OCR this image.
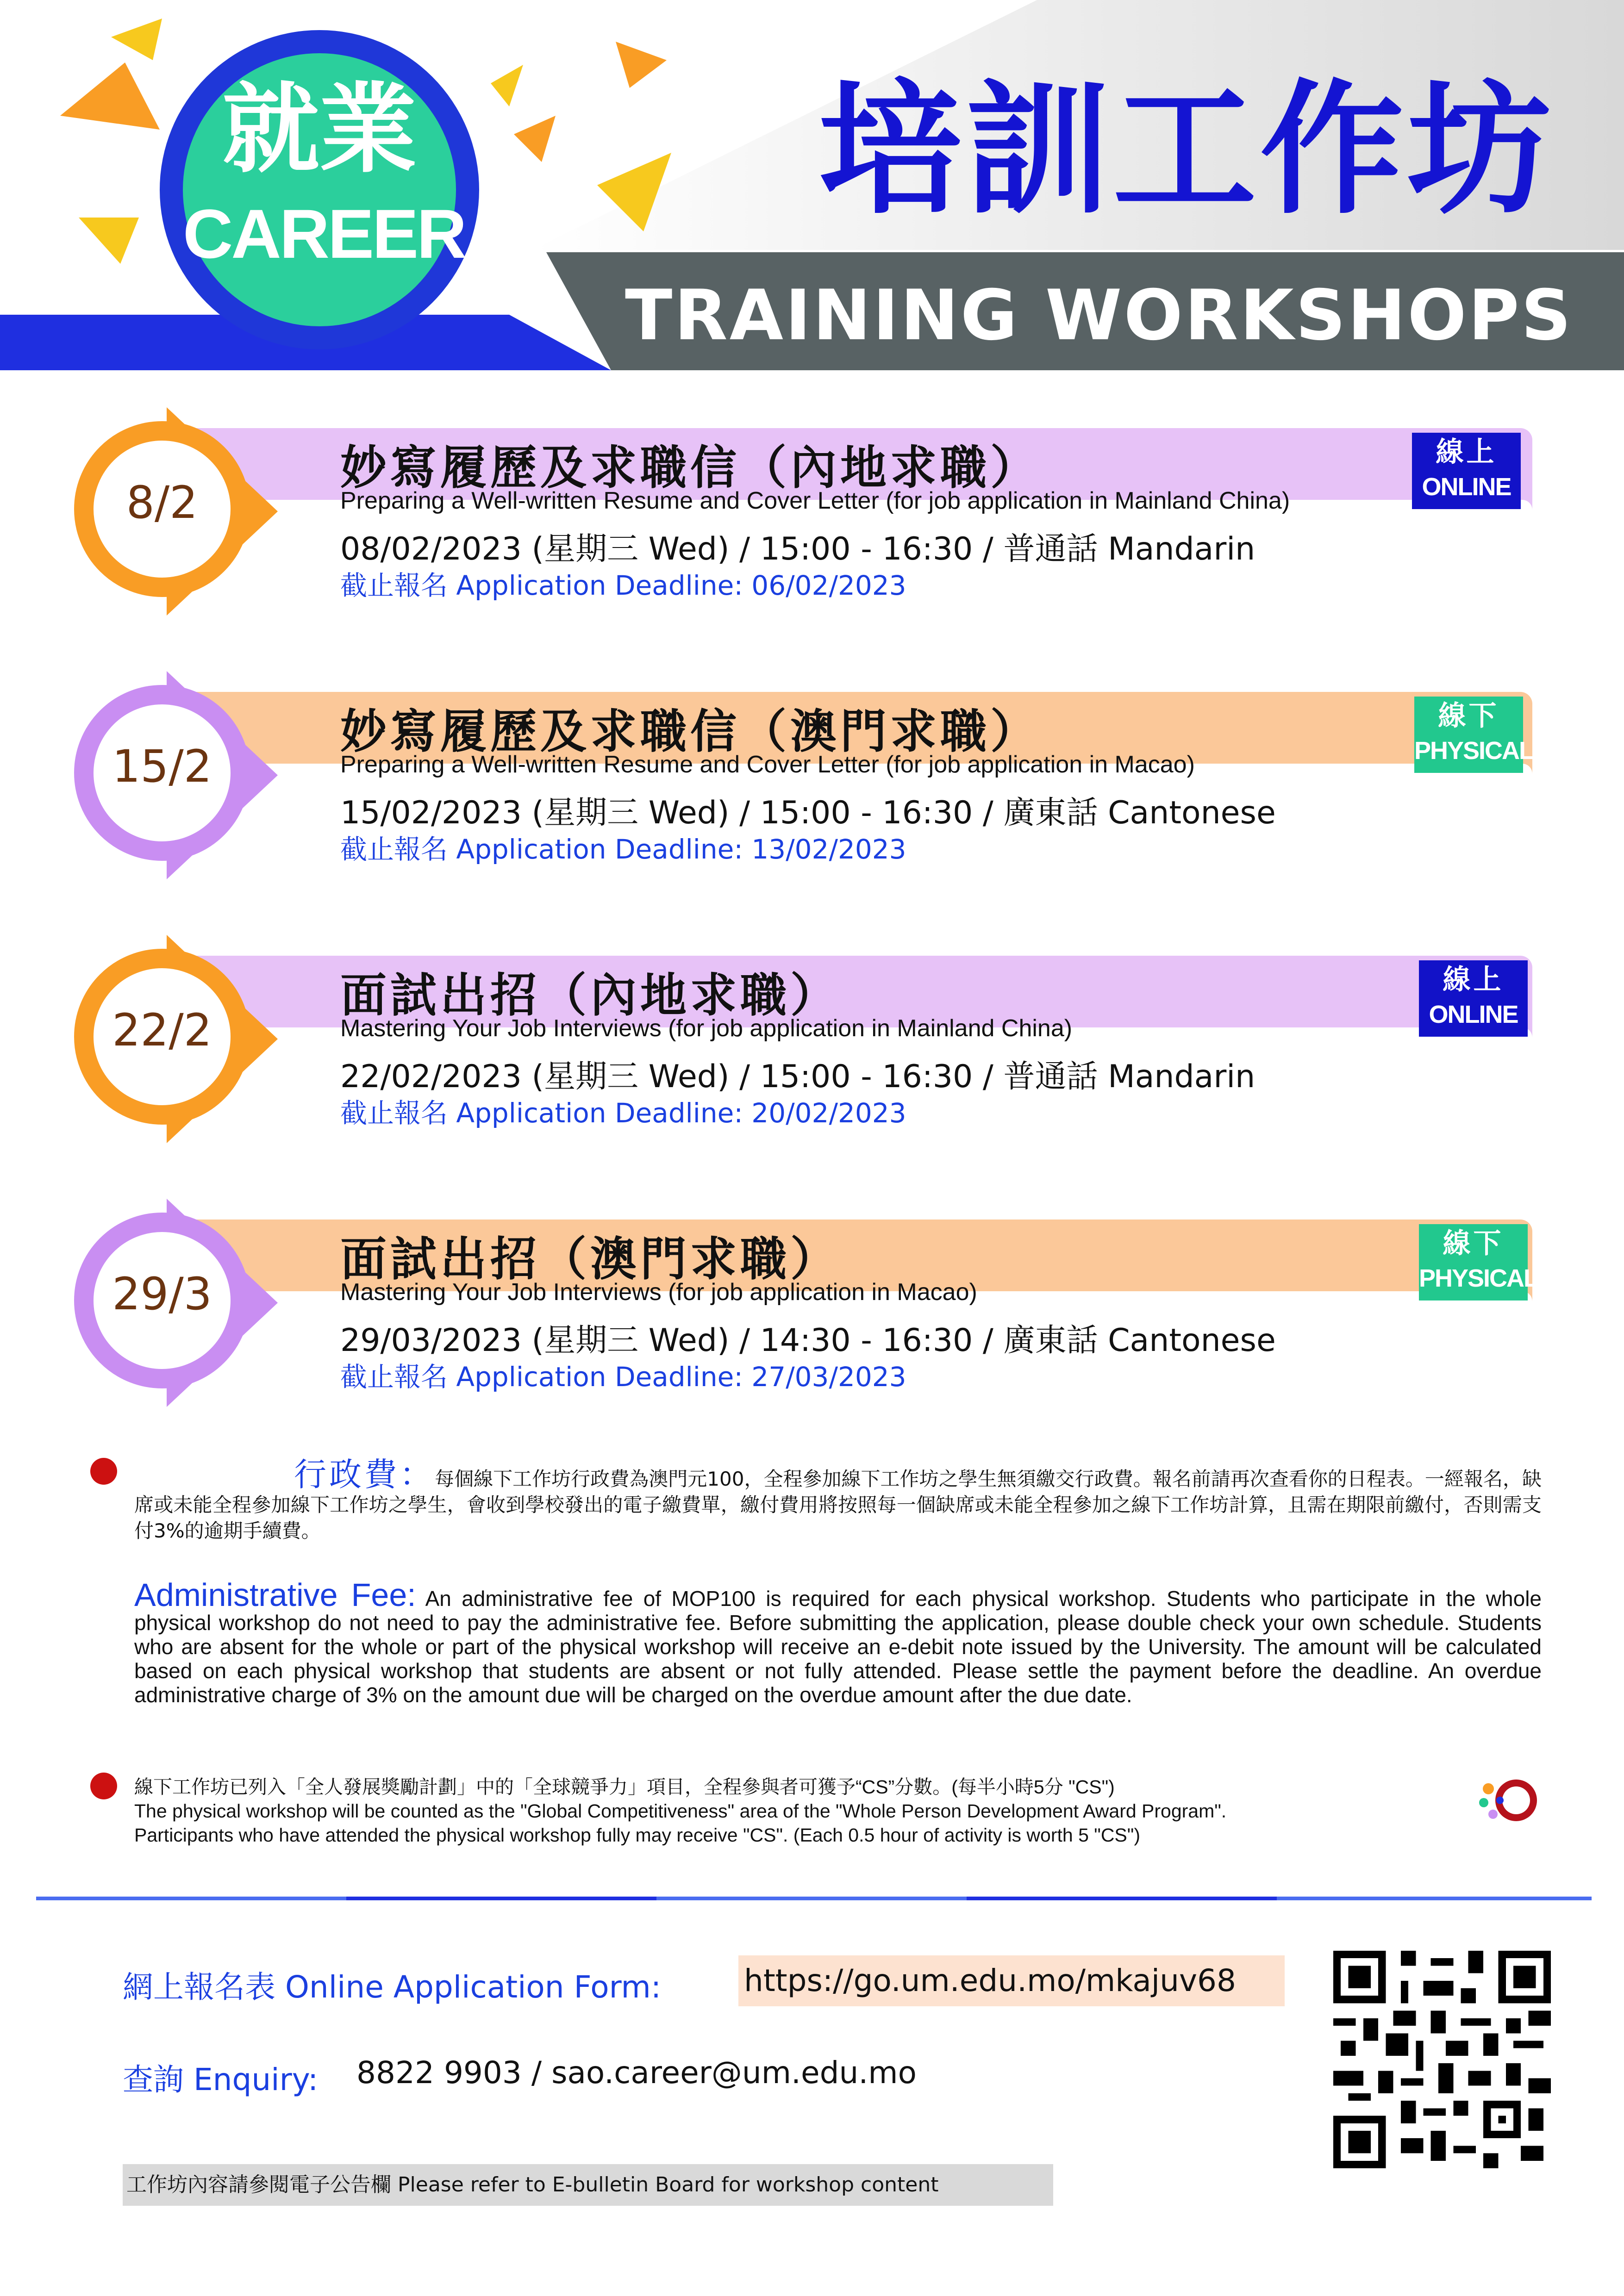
就業
CAREER 培訓工作坊
TRAINING WORKSHOPS
8/2
妙寫履歷及求職信（內地求職）
Preparing a Well-written Resume and Cover Letter (for job application in Mainland China)
08/02/2023 (星期三 Wed) / 15:00 - 16:30 / 普通話 Mandarin
截止報名 Application Deadline: 06/02/2023
線上
ONLINE
15/2
妙寫履歷及求職信（澳門求職）
Preparing a Well-written Resume and Cover Letter (for job application in Macao)
15/02/2023 (星期三 Wed) / 15:00 - 16:30 / 廣東話 Cantonese
截止報名 Application Deadline: 13/02/2023
線下
PHYSICAL
22/2
面試出招（內地求職）
Mastering Your Job Interviews (for job application in Mainland China)
22/02/2023 (星期三 Wed) / 15:00 - 16:30 / 普通話 Mandarin
截止報名 Application Deadline: 20/02/2023
線上
ONLINE
29/3
面試出招（澳門求職）
Mastering Your Job Interviews (for job application in Macao)
29/03/2023 (星期三 Wed) / 14:30 - 16:30 / 廣東話 Cantonese
截止報名 Application Deadline: 27/03/2023
線下
PHYSICAL
行政費：每個線下工作坊行政費為澳門元100，全程參加線下工作坊之學生無須繳交行政費。報名前請再次查看你的日程表。一經報名，缺席或未能全程參加線下工作坊之學生，會收到學校發出的電子繳費單，繳付費用將按照每一個缺席或未能全程參加之線下工作坊計算，且需在期限前繳付，否則需支付3%的逾期手續費。
Administrative Fee: An administrative fee of MOP100 is required for each physical workshop. Students who participate in the whole physical workshop do not need to pay the administrative fee. Before submitting the application, please double check your own schedule. Students who are absent for the whole or part of the physical workshop will receive an e-debit note issued by the University. The amount will be calculated based on each physical workshop that students are absent or not fully attended. Please settle the payment before the deadline. An overdue administrative charge of 3% on the amount due will be charged on the overdue amount after the due date.
線下工作坊已列入「全人發展獎勵計劃」中的「全球競爭力」項目，全程參與者可獲予“CS”分數。(每半小時5分 "CS")
The physical workshop will be counted as the "Global Competitiveness" area of the "Whole Person Development Award Program".
Participants who have attended the physical workshop fully may receive "CS". (Each 0.5 hour of activity is worth 5 "CS")
網上報名表 Online Application Form:	https://go.um.edu.mo/mkajuv68
查詢 Enquiry: 8822 9903 / sao.career@um.edu.mo
工作坊內容請參閱電子公告欄 Please refer to E-bulletin Board for workshop content
